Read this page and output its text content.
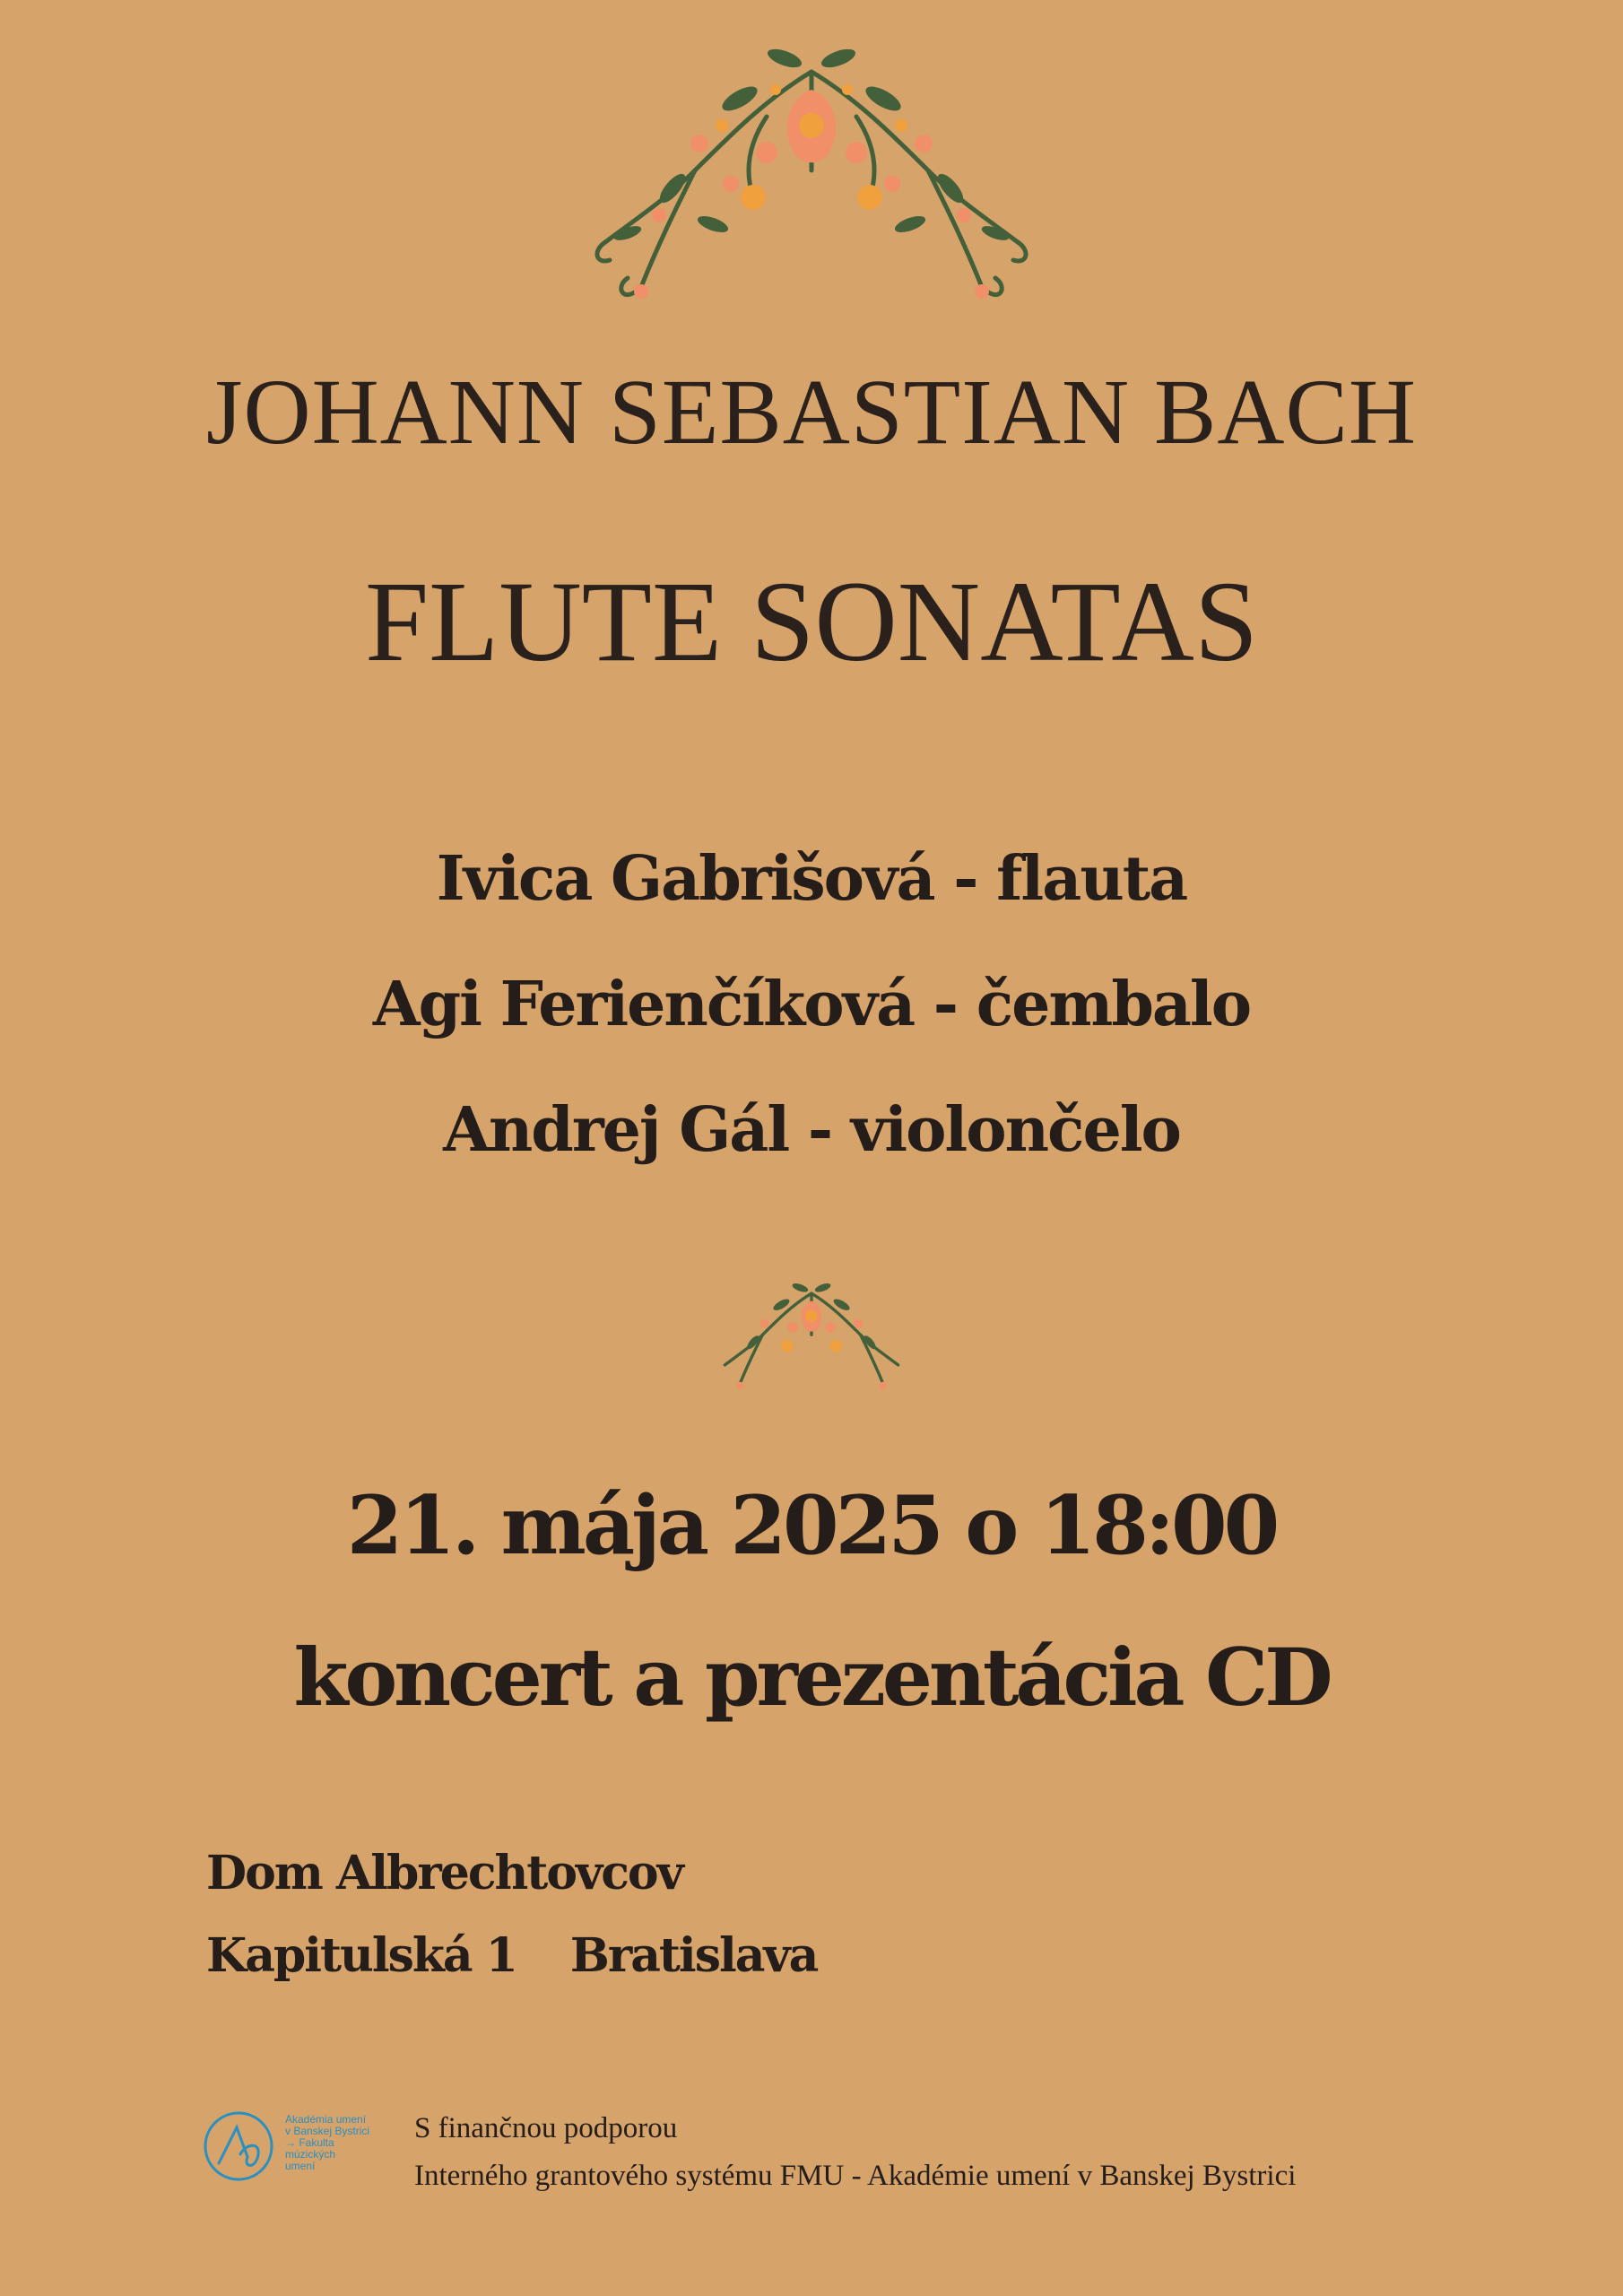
JOHANN SEBASTIAN BACH
FLUTE SONATAS
Ivica Gabrišová - flauta
Agi Ferienčíková - čembalo
Andrej Gál - violončelo
21. mája 2025 o 18:00
koncert a prezentácia CD
Dom Albrechtovcov
Kapitulská 1 Bratislava
Akadémia umení
v Banskej Bystrici
→ Fakulta
múzických
umení
S finančnou podporou
Interného grantového systému FMU - Akadémie umení v Banskej Bystrici
